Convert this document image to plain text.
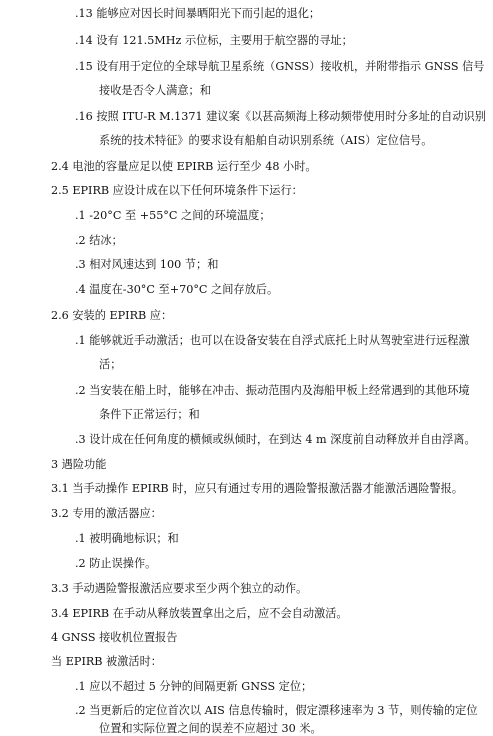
.13 能够应对因长时间暴晒阳光下而引起的退化；
.14 设有 121.5MHz 示位标，主要用于航空器的寻址；
.15 设有用于定位的全球导航卫星系统（GNSS）接收机，并附带指示 GNSS 信号
接收是否令人满意；和
.16 按照 ITU-R M.1371 建议案《以甚高频海上移动频带使用时分多址的自动识别
系统的技术特征》的要求设有船舶自动识别系统（AIS）定位信号。
2.4 电池的容量应足以使 EPIRB 运行至少 48 小时。
2.5 EPIRB 应设计成在以下任何环境条件下运行：
.1 -20°C 至 +55°C 之间的环境温度；
.2 结冰；
.3 相对风速达到 100 节；和
.4 温度在-30°C 至+70°C 之间存放后。
2.6 安装的 EPIRB 应：
.1 能够就近手动激活；也可以在设备安装在自浮式底托上时从驾驶室进行远程激
活；
.2 当安装在船上时，能够在冲击、振动范围内及海船甲板上经常遇到的其他环境
条件下正常运行；和
.3 设计成在任何角度的横倾或纵倾时，在到达 4 m 深度前自动释放并自由浮离。
3 遇险功能
3.1 当手动操作 EPIRB 时，应只有通过专用的遇险警报激活器才能激活遇险警报。
3.2 专用的激活器应：
.1 被明确地标识；和
.2 防止误操作。
3.3 手动遇险警报激活应要求至少两个独立的动作。
3.4 EPIRB 在手动从释放装置拿出之后，应不会自动激活。
4 GNSS 接收机位置报告
当 EPIRB 被激活时：
.1 应以不超过 5 分钟的间隔更新 GNSS 定位；
.2 当更新后的定位首次以 AIS 信息传输时，假定漂移速率为 3 节，则传输的定位
位置和实际位置之间的误差不应超过 30 米。
